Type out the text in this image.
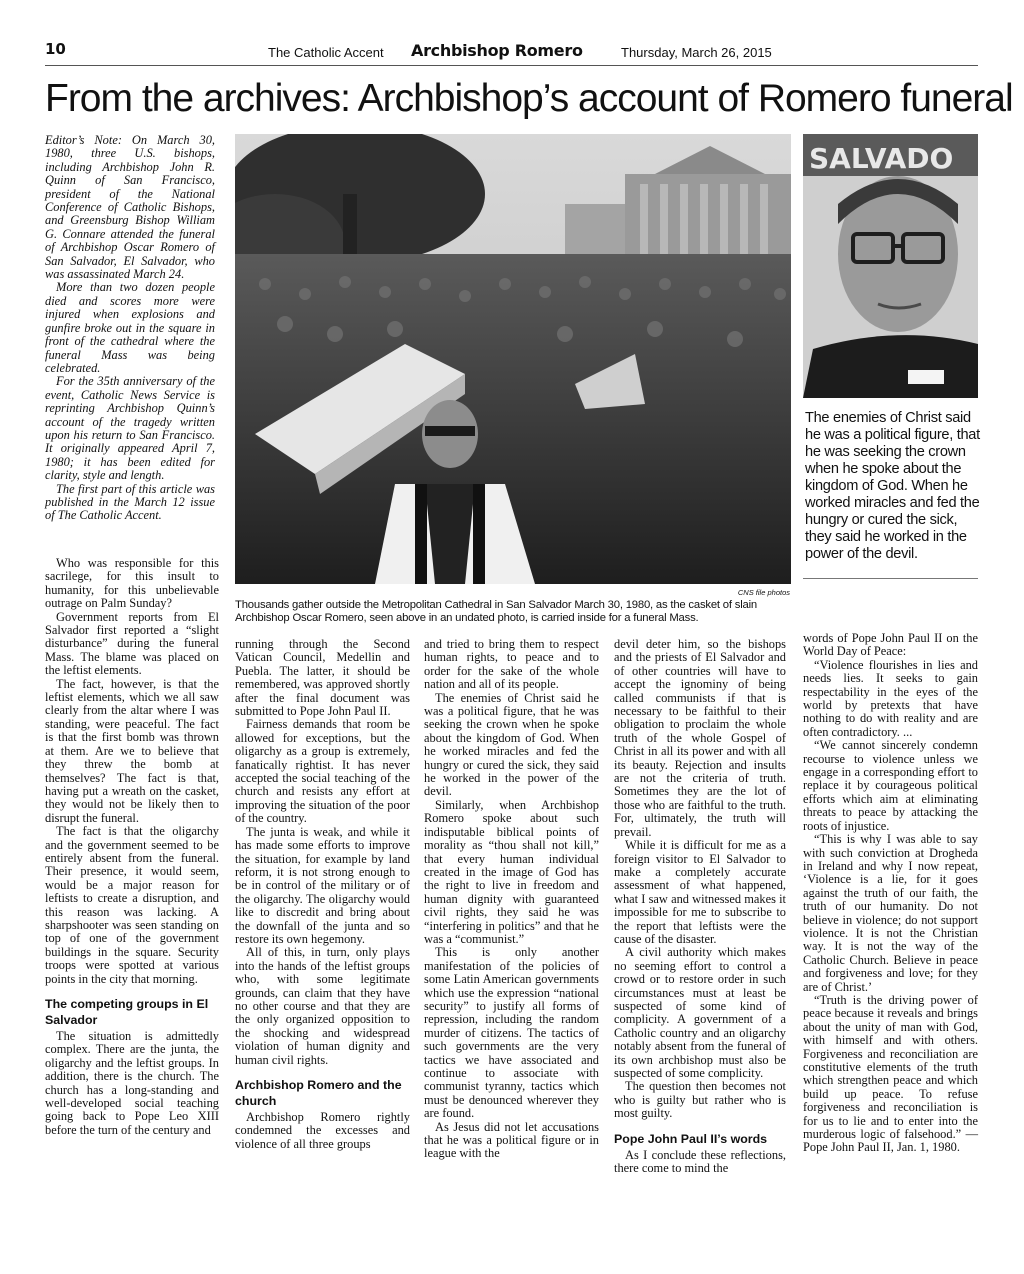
10	The Catholic Accent Archbishop Romero	Thursday, March 26, 2015
From the archives: Archbishop’s account of Romero funeral

Editor’s Note: On March 30, 1980, three U.S. bishops, including Archbishop John R. Quinn of San Francisco, president of the National Conference of Catholic Bishops, and Greensburg Bishop William G. Connare attended the funeral of Archbishop Oscar Romero of San Salvador, El Salvador, who was assassinated March 24.

More than two dozen people died and scores more were injured when explosions and gunfire broke out in the square in front of the cathedral where the funeral Mass was being celebrated.

For the 35th anniversary of the event, Catholic News Service is reprinting Archbishop Quinn’s account of the tragedy written upon his return to San Francisco. It originally appeared April 7, 1980; it has been edited for clarity, style and length.

The first part of this article was published in the March 12 issue of The Catholic Accent.

CNS file photos
Thousands gather outside the Metropolitan Cathedral in San Salvador March 30, 1980, as the casket of slain Archbishop Oscar Romero, seen above in an undated photo, is carried inside for a funeral Mass.
SALVADO
The enemies of Christ said he was a political figure, that he was seeking the crown when he spoke about the kingdom of God. When he worked miracles and fed the hungry or cured the sick, they said he worked in the power of the devil.

Who was responsible for this sacrilege, for this insult to humanity, for this unbelievable outrage on Palm Sunday?

Government reports from El Salvador first reported a “slight disturbance” during the funeral Mass. The blame was placed on the leftist elements.

The fact, however, is that the leftist elements, which we all saw clearly from the altar where I was standing, were peaceful. The fact is that the first bomb was thrown at them. Are we to believe that they threw the bomb at themselves? The fact is that, having put a wreath on the casket, they would not be likely then to disrupt the funeral.

The fact is that the oligarchy and the government seemed to be entirely absent from the funeral. Their presence, it would seem, would be a major reason for leftists to create a disruption, and this reason was lacking. A sharpshooter was seen standing on top of one of the government buildings in the square. Security troops were spotted at various points in the city that morning.

The competing groups in El Salvador

The situation is admittedly complex. There are the junta, the oligarchy and the leftist groups. In addition, there is the church. The church has a long-standing and well-developed social teaching going back to Pope Leo XIII before the turn of the century and

running through the Second Vatican Council, Medellin and Puebla. The latter, it should be remembered, was approved shortly after the final document was submitted to Pope John Paul II.

Fairness demands that room be allowed for exceptions, but the oligarchy as a group is extremely, fanatically rightist. It has never accepted the social teaching of the church and resists any effort at improving the situation of the poor of the country.

The junta is weak, and while it has made some efforts to improve the situation, for example by land reform, it is not strong enough to be in control of the military or of the oligarchy. The oligarchy would like to discredit and bring about the downfall of the junta and so restore its own hegemony.

All of this, in turn, only plays into the hands of the leftist groups who, with some legitimate grounds, can claim that they have no other course and that they are the only organized opposition to the shocking and widespread violation of human dignity and human civil rights.

Archbishop Romero and the church

Archbishop Romero rightly condemned the excesses and violence of all three groups

and tried to bring them to respect human rights, to peace and to order for the sake of the whole nation and all of its people.

The enemies of Christ said he was a political figure, that he was seeking the crown when he spoke about the kingdom of God. When he worked miracles and fed the hungry or cured the sick, they said he worked in the power of the devil.

Similarly, when Archbishop Romero spoke about such indisputable biblical points of morality as “thou shall not kill,” that every human individual created in the image of God has the right to live in freedom and human dignity with guaranteed civil rights, they said he was “interfering in politics” and that he was a “communist.”

This is only another manifestation of the policies of some Latin American governments which use the expression “national security” to justify all forms of repression, including the random murder of citizens. The tactics of such governments are the very tactics we have associated and continue to associate with communist tyranny, tactics which must be denounced wherever they are found.

As Jesus did not let accusations that he was a political figure or in league with the

devil deter him, so the bishops and the priests of El Salvador and of other countries will have to accept the ignominy of being called communists if that is necessary to be faithful to their obligation to proclaim the whole truth of the whole Gospel of Christ in all its power and with all its beauty. Rejection and insults are not the criteria of truth. Sometimes they are the lot of those who are faithful to the truth. For, ultimately, the truth will prevail.

While it is difficult for me as a foreign visitor to El Salvador to make a completely accurate assessment of what happened, what I saw and witnessed makes it impossible for me to subscribe to the report that leftists were the cause of the disaster.

A civil authority which makes no seeming effort to control a crowd or to restore order in such circumstances must at least be suspected of some kind of complicity. A government of a Catholic country and an oligarchy notably absent from the funeral of its own archbishop must also be suspected of some complicity.

The question then becomes not who is guilty but rather who is most guilty.

Pope John Paul II’s words

As I conclude these reflections, there come to mind the

words of Pope John Paul II on the World Day of Peace:

“Violence flourishes in lies and needs lies. It seeks to gain respectability in the eyes of the world by pretexts that have nothing to do with reality and are often contradictory. ...

“We cannot sincerely condemn recourse to violence unless we engage in a corresponding effort to replace it by courageous political efforts which aim at eliminating threats to peace by attacking the roots of injustice.

“This is why I was able to say with such conviction at Drogheda in Ireland and why I now repeat, ‘Violence is a lie, for it goes against the truth of our faith, the truth of our humanity. Do not believe in violence; do not support violence. It is not the Christian way. It is not the way of the Catholic Church. Believe in peace and forgiveness and love; for they are of Christ.’

“Truth is the driving power of peace because it reveals and brings about the unity of man with God, with himself and with others. Forgiveness and reconciliation are constitutive elements of the truth which strengthen peace and which build up peace. To refuse forgiveness and reconciliation is for us to lie and to enter into the murderous logic of falsehood.” — Pope John Paul II, Jan. 1, 1980.
